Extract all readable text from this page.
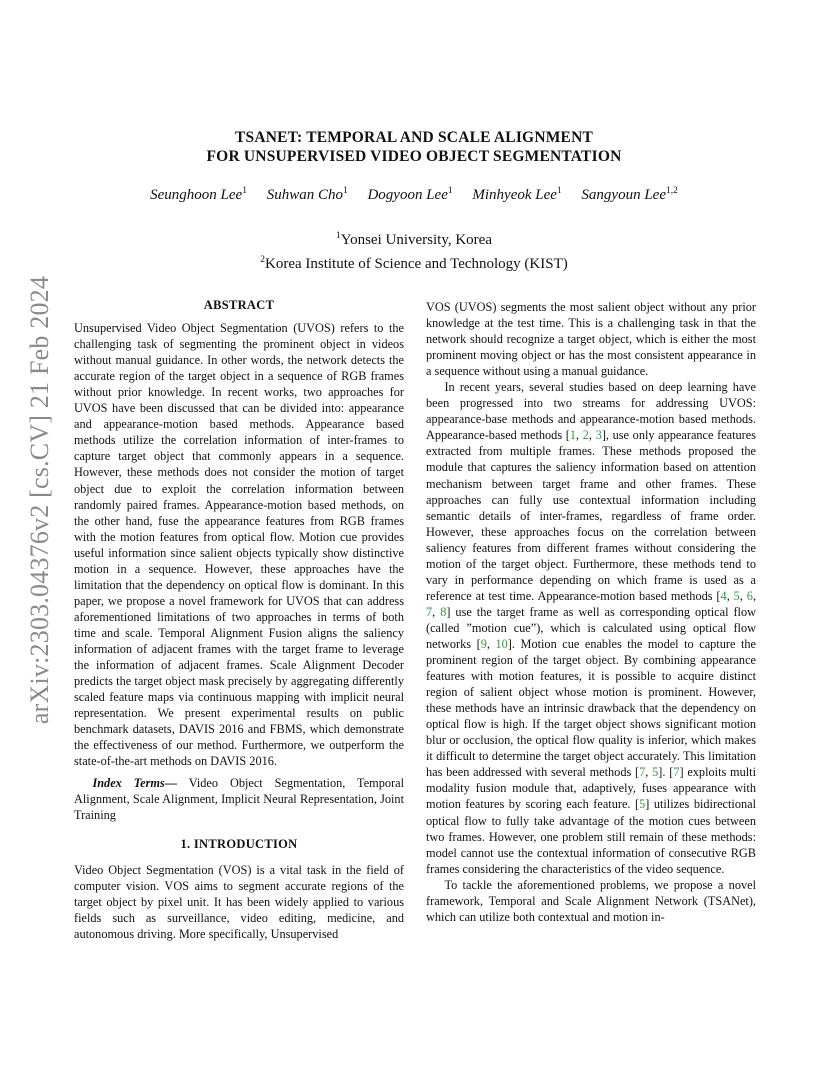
arXiv:2303.04376v2 [cs.CV] 21 Feb 2024
TSANET: TEMPORAL AND SCALE ALIGNMENT
FOR UNSUPERVISED VIDEO OBJECT SEGMENTATION
Seunghoon Lee$^1$ Suhwan Cho$^1$ Dogyoon Lee$^1$ Minhyeok Lee$^1$ Sangyoun Lee$^{1,2}$
$^1$Yonsei University, Korea
$^2$Korea Institute of Science and Technology (KIST)
ABSTRACT

Unsupervised Video Object Segmentation (UVOS) refers to the challenging task of segmenting the prominent object in videos without manual guidance. In other words, the network detects the accurate region of the target object in a sequence of RGB frames without prior knowledge. In recent works, two approaches for UVOS have been discussed that can be divided into: appearance and appearance-motion based methods. Appearance based methods utilize the correlation information of inter-frames to capture target object that commonly appears in a sequence. However, these methods does not consider the motion of target object due to exploit the correlation information between randomly paired frames. Appearance-motion based methods, on the other hand, fuse the appearance features from RGB frames with the motion features from optical flow. Motion cue provides useful information since salient objects typically show distinctive motion in a sequence. However, these approaches have the limitation that the dependency on optical flow is dominant. In this paper, we propose a novel framework for UVOS that can address aforementioned limitations of two approaches in terms of both time and scale. Temporal Alignment Fusion aligns the saliency information of adjacent frames with the target frame to leverage the information of adjacent frames. Scale Alignment Decoder predicts the target object mask precisely by aggregating differently scaled feature maps via continuous mapping with implicit neural representation. We present experimental results on public benchmark datasets, DAVIS 2016 and FBMS, which demonstrate the effectiveness of our method. Furthermore, we outperform the state-of-the-art methods on DAVIS 2016.

Index Terms— Video Object Segmentation, Temporal Alignment, Scale Alignment, Implicit Neural Representation, Joint Training

1. INTRODUCTION

Video Object Segmentation (VOS) is a vital task in the field of computer vision. VOS aims to segment accurate regions of the target object by pixel unit. It has been widely applied to various fields such as surveillance, video editing, medicine, and autonomous driving. More specifically, Unsupervised

VOS (UVOS) segments the most salient object without any prior knowledge at the test time. This is a challenging task in that the network should recognize a target object, which is either the most prominent moving object or has the most consistent appearance in a sequence without using a manual guidance.

In recent years, several studies based on deep learning have been progressed into two streams for addressing UVOS: appearance-base methods and appearance-motion based methods. Appearance-based methods [1, 2, 3], use only appearance features extracted from multiple frames. These methods proposed the module that captures the saliency information based on attention mechanism between target frame and other frames. These approaches can fully use contextual information including semantic details of inter-frames, regardless of frame order. However, these approaches focus on the correlation between saliency features from different frames without considering the motion of the target object. Furthermore, these methods tend to vary in performance depending on which frame is used as a reference at test time. Appearance-motion based methods [4, 5, 6, 7, 8] use the target frame as well as corresponding optical flow (called ”motion cue”), which is calculated using optical flow networks [9, 10]. Motion cue enables the model to capture the prominent region of the target object. By combining appearance features with motion features, it is possible to acquire distinct region of salient object whose motion is prominent. However, these methods have an intrinsic drawback that the dependency on optical flow is high. If the target object shows significant motion blur or occlusion, the optical flow quality is inferior, which makes it difficult to determine the target object accurately. This limitation has been addressed with several methods [7, 5]. [7] exploits multi modality fusion module that, adaptively, fuses appearance with motion features by scoring each feature. [5] utilizes bidirectional optical flow to fully take advantage of the motion cues between two frames. However, one problem still remain of these methods: model cannot use the contextual information of consecutive RGB frames considering the characteristics of the video sequence.

To tackle the aforementioned problems, we propose a novel framework, Temporal and Scale Alignment Network (TSANet), which can utilize both contextual and motion in-
